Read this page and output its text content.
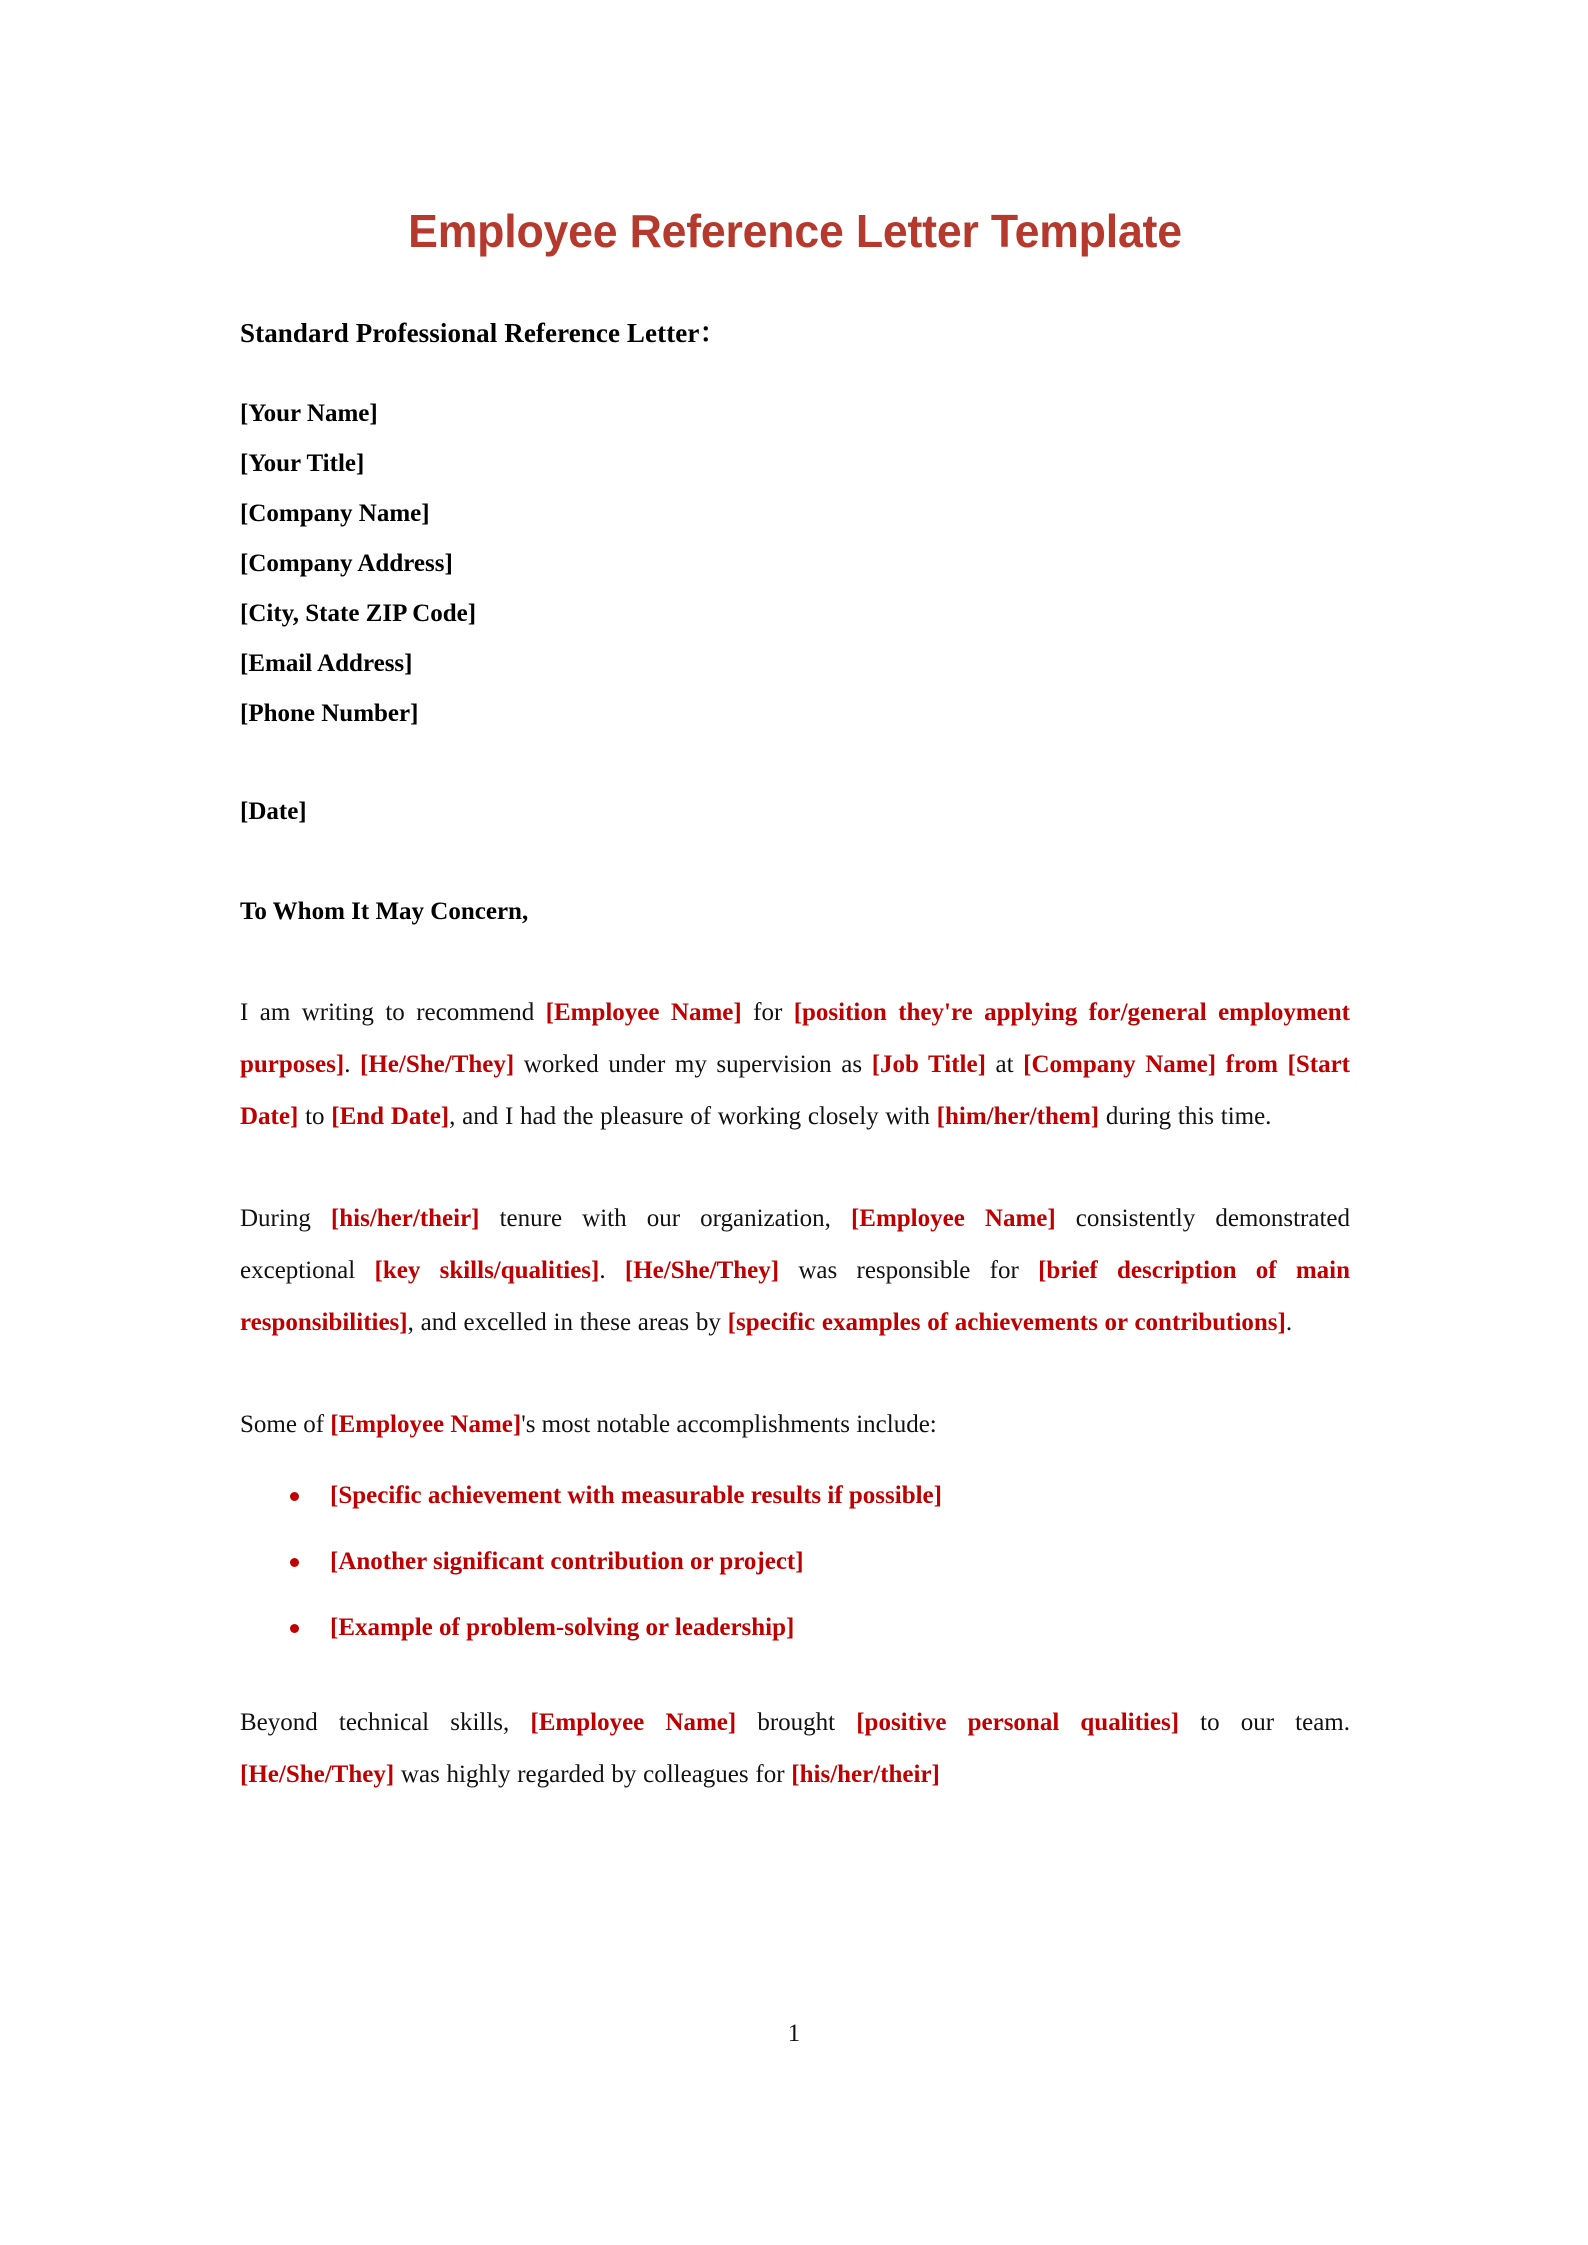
Employee Reference Letter Template
Standard Professional Reference Letter：
[Your Name]
[Your Title]
[Company Name]
[Company Address]
[City, State ZIP Code]
[Email Address]
[Phone Number]
[Date]
To Whom It May Concern,

I am writing to recommend [Employee Name] for [position they're applying for/general employment purposes]. [He/She/They] worked under my supervision as [Job Title] at [Company Name] from [Start Date] to [End Date], and I had the pleasure of working closely with [him/her/them] during this time.

During [his/her/their] tenure with our organization, [Employee Name] consistently demonstrated exceptional [key skills/qualities]. [He/She/They] was responsible for [brief description of main responsibilities], and excelled in these areas by [specific examples of achievements or contributions].

Some of [Employee Name]'s most notable accomplishments include:

[Specific achievement with measurable results if possible]
[Another significant contribution or project]
[Example of problem-solving or leadership]

Beyond technical skills, [Employee Name] brought [positive personal qualities] to our team. [He/She/They] was highly regarded by colleagues for [his/her/their]

1
